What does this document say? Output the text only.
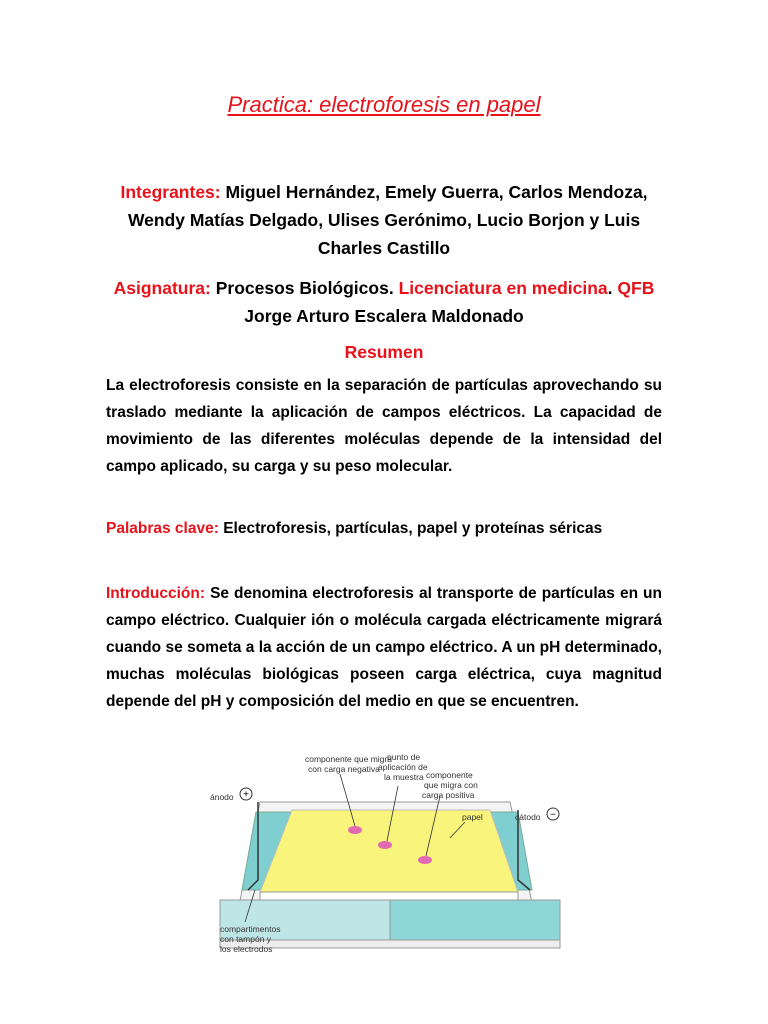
Practica: electroforesis en papel
Integrantes: Miguel Hernández, Emely Guerra, Carlos Mendoza, Wendy Matías Delgado, Ulises Gerónimo, Lucio Borjon y Luis Charles Castillo
Asignatura: Procesos Biológicos. Licenciatura en medicina. QFB Jorge Arturo Escalera Maldonado
Resumen
La electroforesis consiste en la separación de partículas aprovechando su traslado mediante la aplicación de campos eléctricos. La capacidad de movimiento de las diferentes moléculas depende de la intensidad del campo aplicado, su carga y su peso molecular.
Palabras clave: Electroforesis, partículas, papel y proteínas séricas
Introducción: Se denomina electroforesis al transporte de partículas en un campo eléctrico. Cualquier ión o molécula cargada eléctricamente migrará cuando se someta a la acción de un campo eléctrico. A un pH determinado, muchas moléculas biológicas poseen carga eléctrica, cuya magnitud depende del pH y composición del medio en que se encuentren.
+
ánodo
−
cátodo
componente que migra
con carga negativa
punto de
aplicación de
la muestra componente
que migra con
carga positiva
papel
compartimentos
con tampón y
los electrodos
